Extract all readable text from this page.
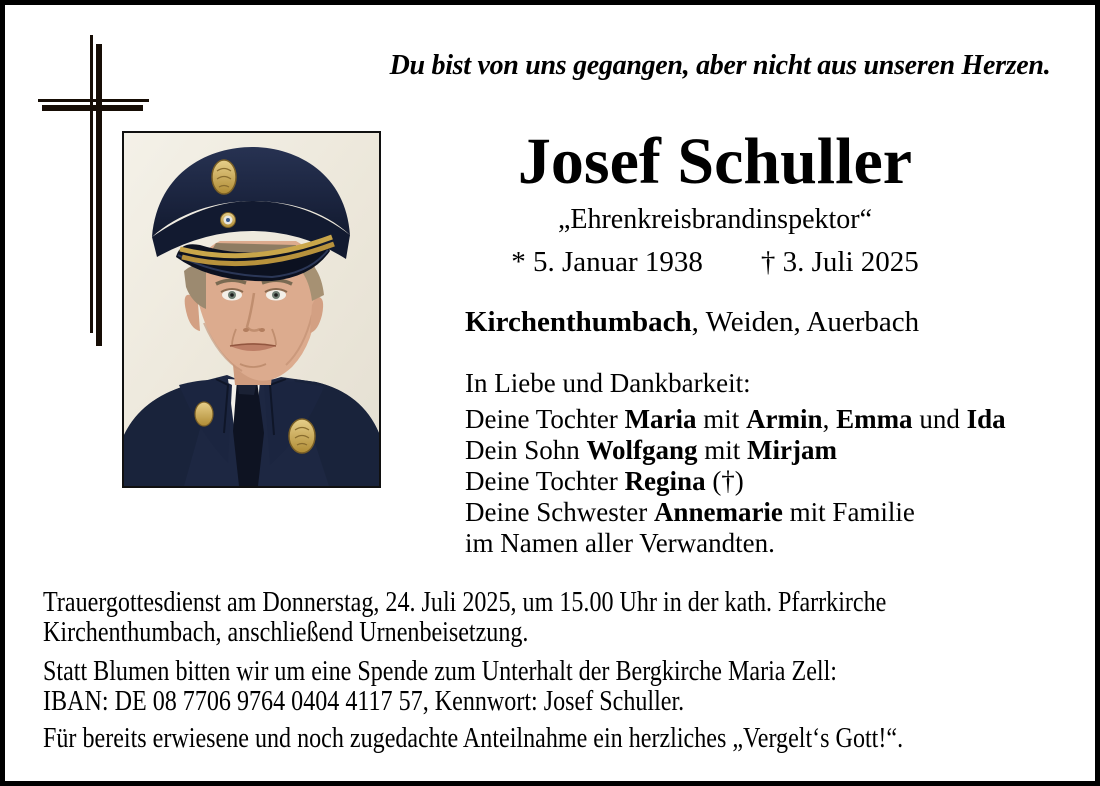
Du bist von uns gegangen, aber nicht aus unseren Herzen.
Josef Schuller
„Ehrenkreisbrandinspektor“
* 5. Januar 1938 † 3. Juli 2025
Kirchenthumbach, Weiden, Auerbach
In Liebe und Dankbarkeit:
Deine Tochter Maria mit Armin, Emma und Ida
Dein Sohn Wolfgang mit Mirjam
Deine Tochter Regina (†)
Deine Schwester Annemarie mit Familie
im Namen aller Verwandten.
Trauergottesdienst am Donnerstag, 24. Juli 2025, um 15.00 Uhr in der kath. Pfarrkirche
Kirchenthumbach, anschließend Urnenbeisetzung.
Statt Blumen bitten wir um eine Spende zum Unterhalt der Bergkirche Maria Zell:
IBAN: DE 08 7706 9764 0404 4117 57, Kennwort: Josef Schuller.
Für bereits erwiesene und noch zugedachte Anteilnahme ein herzliches „Vergelt‘s Gott!“.
